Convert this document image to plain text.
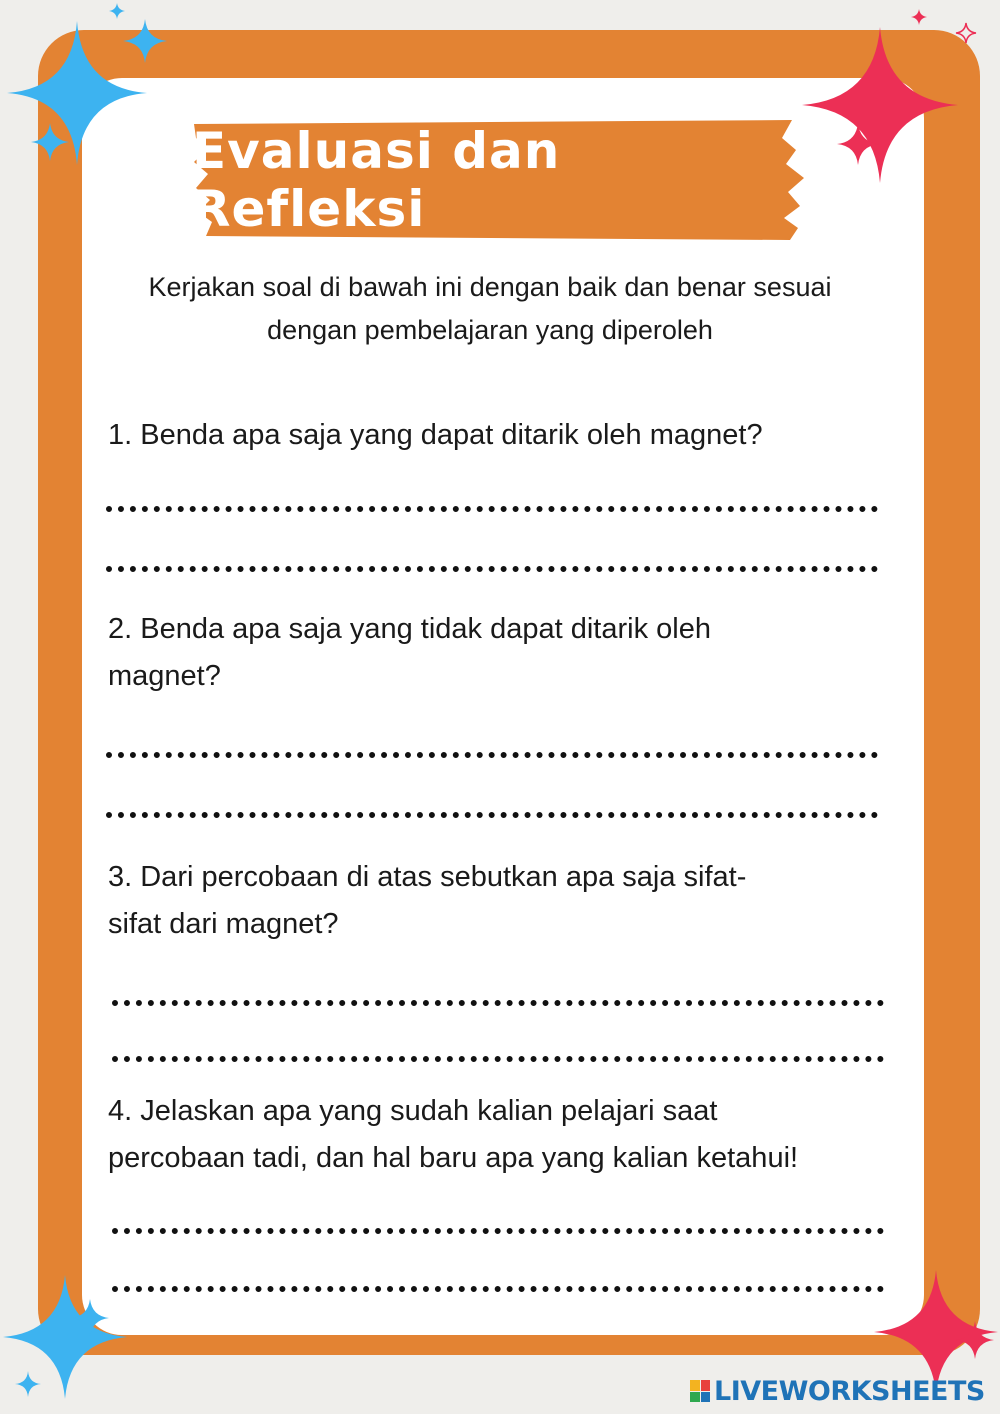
Evaluasi dan Refleksi
Kerjakan soal di bawah ini dengan baik dan benar sesuai dengan pembelajaran yang diperoleh
1. Benda apa saja yang dapat ditarik oleh magnet?
2. Benda apa saja yang tidak dapat ditarik oleh
magnet?
3. Dari percobaan di atas sebutkan apa saja sifat-
sifat dari magnet?
4. Jelaskan apa yang sudah kalian pelajari saat
percobaan tadi, dan hal baru apa yang kalian ketahui!
LIVEWORKSHEETS
